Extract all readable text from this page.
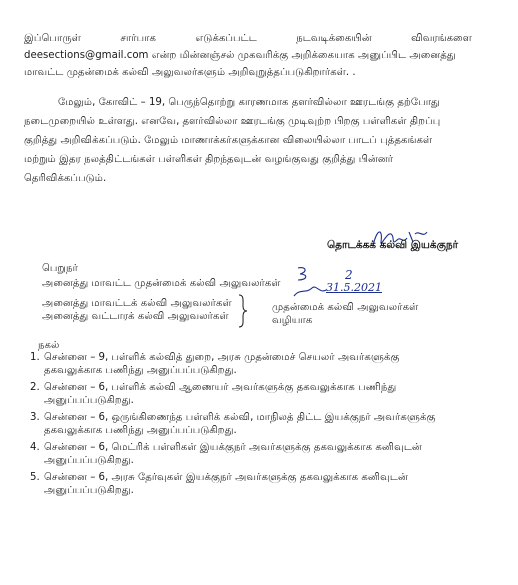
இப்பொருள்	சார்பாக	எடுக்கப்பட்ட	நடவடிக்கையின்	விவரங்களை
deesections@gmail.com என்ற மின்னஞ்சல் முகவரிக்கு அறிக்கையாக அனுப்பிட அனைத்து
மாவட்ட முதன்மைக் கல்வி அலுவலர்களும் அறிவுறுத்தப்படுகிறார்கள். .
மேலும், கோவிட் – 19, பெருந்தொற்று காரணமாக தளர்வில்லா ஊரடங்கு தற்போது
நடைமுறையில் உள்ளது. எனவே, தளர்வில்லா ஊரடங்கு முடிவுற்ற பிறகு பள்ளிகள் திறப்பு
குறித்து அறிவிக்கப்படும். மேலும் மாணாக்கர்களுக்கான விலையில்லா பாடப் புத்தகங்கள்
மற்றும் இதர நலத்திட்டங்கள் பள்ளிகள் திறந்தவுடன் வழங்குவது குறித்து பின்னர்
தெரிவிக்கப்படும்.
தொடக்கக் கல்வி இயக்குநர்
2
31.5.2021
பெறுநர்
அனைத்து மாவட்ட முதன்மைக் கல்வி அலுவலர்கள்
அனைத்து மாவட்டக் கல்வி அலுவலர்கள்
அனைத்து வட்டாரக் கல்வி அலுவலர்கள்
முதன்மைக் கல்வி அலுவலர்கள்
வழியாக
நகல்
1. சென்னை – 9, பள்ளிக் கல்வித் துறை, அரசு முதன்மைச் செயலர் அவர்களுக்கு
தகவலுக்காக பணிந்து அனுப்பப்படுகிறது.
2. சென்னை – 6, பள்ளிக் கல்வி ஆணையர் அவர்களுக்கு தகவலுக்காக பணிந்து
அனுப்பப்படுகிறது.
3. சென்னை – 6, ஒருங்கிணைந்த பள்ளிக் கல்வி, மாநிலத் திட்ட இயக்குநர் அவர்களுக்கு
தகவலுக்காக பணிந்து அனுப்பப்படுகிறது.
4. சென்னை – 6, மெட்ரிக் பள்ளிகள் இயக்குநர் அவர்களுக்கு தகவலுக்காக கனிவுடன்
அனுப்பப்படுகிறது.
5. சென்னை – 6, அரசு தேர்வுகள் இயக்குநர் அவர்களுக்கு தகவலுக்காக கனிவுடன்
அனுப்பப்படுகிறது.
